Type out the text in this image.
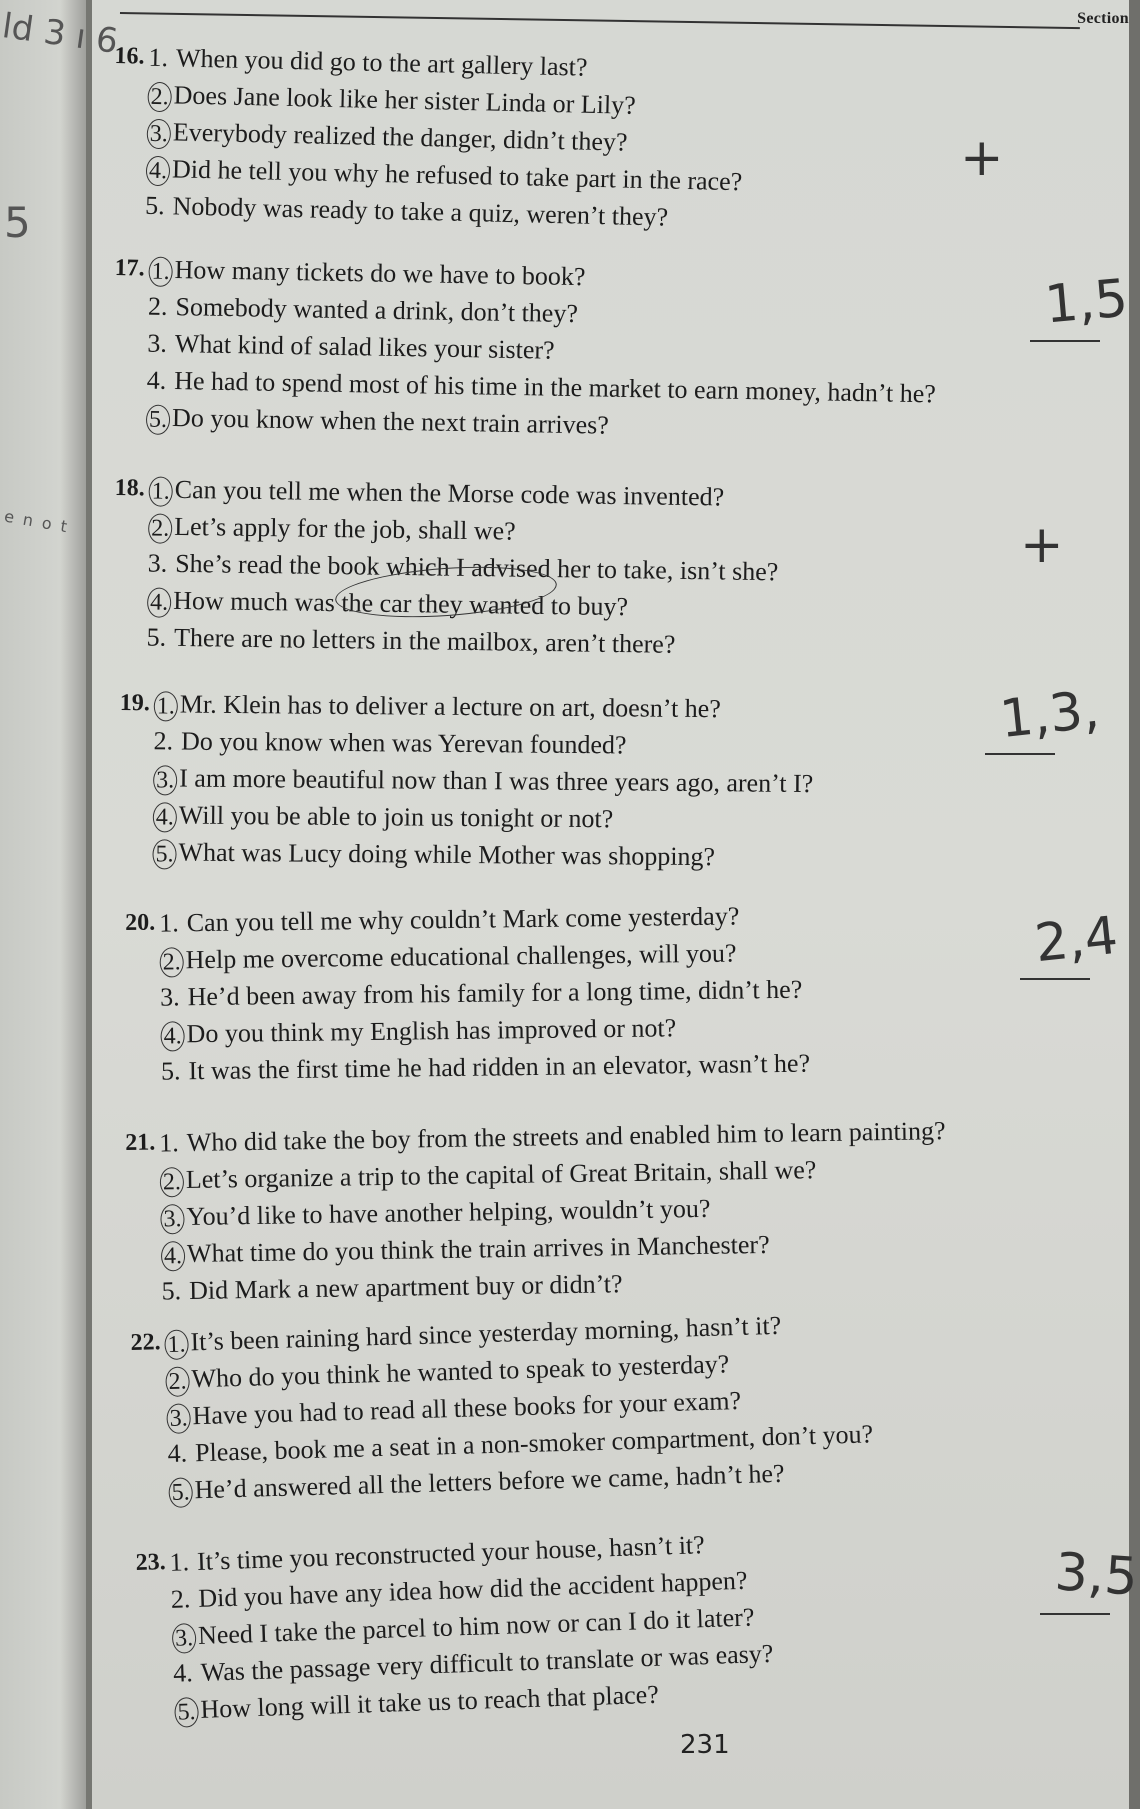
Section
ld 3 ı 6
5
e n o t
16. 1. When you did go to the art gallery last?
2. Does Jane look like her sister Linda or Lily?
3. Everybody realized the danger, didn’t they?
4. Did he tell you why he refused to take part in the race?
5. Nobody was ready to take a quiz, weren’t they?
+
17. 1. How many tickets do we have to book?
2. Somebody wanted a drink, don’t they?
3. What kind of salad likes your sister?
4. He had to spend most of his time in the market to earn money, hadn’t he?
5. Do you know when the next train arrives?
1,5
18. 1. Can you tell me when the Morse code was invented?
2. Let’s apply for the job, shall we?
3. She’s read the book which I advised her to take, isn’t she?
4. How much was the car they wanted to buy?
5. There are no letters in the mailbox, aren’t there?
+
19. 1. Mr. Klein has to deliver a lecture on art, doesn’t he?
2. Do you know when was Yerevan founded?
3. I am more beautiful now than I was three years ago, aren’t I?
4. Will you be able to join us tonight or not?
5. What was Lucy doing while Mother was shopping?
1,3,
20. 1. Can you tell me why couldn’t Mark come yesterday?
2. Help me overcome educational challenges, will you?
3. He’d been away from his family for a long time, didn’t he?
4. Do you think my English has improved or not?
5. It was the first time he had ridden in an elevator, wasn’t he?
2,4
21. 1. Who did take the boy from the streets and enabled him to learn painting?
2. Let’s organize a trip to the capital of Great Britain, shall we?
3. You’d like to have another helping, wouldn’t you?
4. What time do you think the train arrives in Manchester?
5. Did Mark a new apartment buy or didn’t?
22. 1. It’s been raining hard since yesterday morning, hasn’t it?
2. Who do you think he wanted to speak to yesterday?
3. Have you had to read all these books for your exam?
4. Please, book me a seat in a non-smoker compartment, don’t you?
5. He’d answered all the letters before we came, hadn’t he?
23. 1. It’s time you reconstructed your house, hasn’t it?
2. Did you have any idea how did the accident happen?
3. Need I take the parcel to him now or can I do it later?
4. Was the passage very difficult to translate or was easy?
5. How long will it take us to reach that place?
3,5
231
